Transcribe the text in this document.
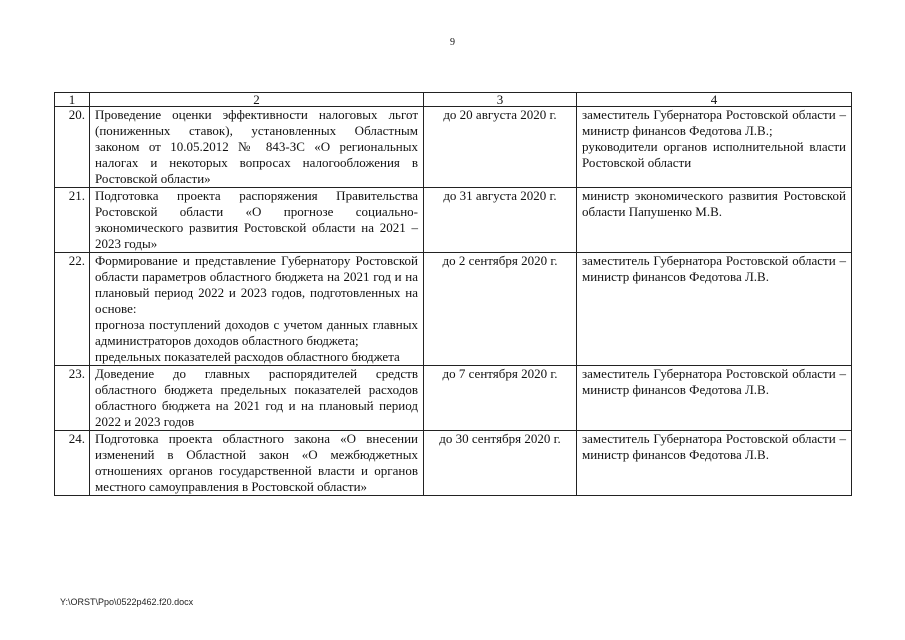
9
1	2	3	4
20.	Проведение оценки эффективности налоговых льгот (пониженных ставок), установленных Областным законом от 10.05.2012 № 843-ЗС «О региональных налогах и некоторых вопросах налогообложения в Ростовской области»	до 20 августа 2020 г.	заместитель Губернатора Ростовской области – министр финансов Федотова Л.В.;
руководители органов исполнительной власти Ростовской области

21.	Подготовка проекта распоряжения Правительства Ростовской области «О прогнозе социально-экономического развития Ростовской области на 2021 – 2023 годы»	до 31 августа 2020 г.	министр экономического развития Ростовской области Папушенко М.В.

22.	Формирование и представление Губернатору Ростовской области параметров областного бюджета на 2021 год и на плановый период 2022 и 2023 годов, подготовленных на основе:
прогноза поступлений доходов с учетом данных главных администраторов доходов областного бюджета;
предельных показателей расходов областного бюджета	до 2 сентября 2020 г.	заместитель Губернатора Ростовской области – министр финансов Федотова Л.В.

23.	Доведение до главных распорядителей средств областного бюджета предельных показателей расходов областного бюджета на 2021 год и на плановый период 2022 и 2023 годов	до 7 сентября 2020 г.	заместитель Губернатора Ростовской области – министр финансов Федотова Л.В.

24.	Подготовка проекта областного закона «О внесении изменений в Областной закон «О межбюджетных отношениях органов государственной власти и органов местного самоуправления в Ростовской области»	до 30 сентября 2020 г.	заместитель Губернатора Ростовской области – министр финансов Федотова Л.В.
Y:\ORST\Ppo\0522p462.f20.docx
